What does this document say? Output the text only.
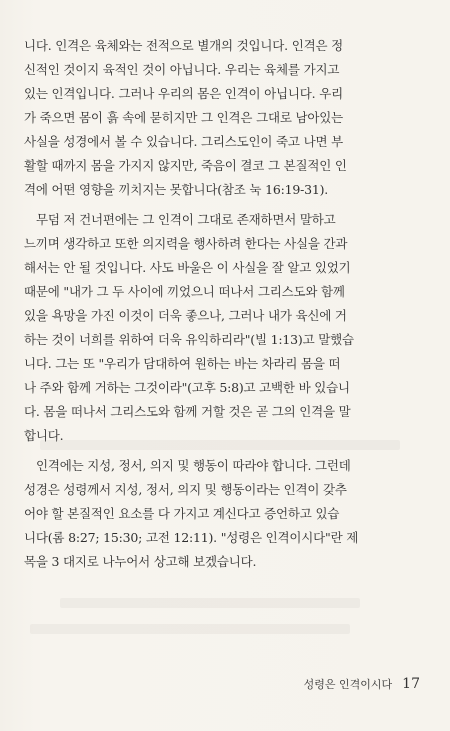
니다. 인격은 육체와는 전적으로 별개의 것입니다. 인격은 정
신적인 것이지 육적인 것이 아닙니다. 우리는 육체를 가지고
있는 인격입니다. 그러나 우리의 몸은 인격이 아닙니다. 우리
가 죽으면 몸이 흙 속에 묻히지만 그 인격은 그대로 남아있는
사실을 성경에서 볼 수 있습니다. 그리스도인이 죽고 나면 부
활할 때까지 몸을 가지지 않지만, 죽음이 결코 그 본질적인 인
격에 어떤 영향을 끼치지는 못합니다(참조 눅 16:19-31).
무덤 저 건너편에는 그 인격이 그대로 존재하면서 말하고
느끼며 생각하고 또한 의지력을 행사하려 한다는 사실을 간과
해서는 안 될 것입니다. 사도 바울은 이 사실을 잘 알고 있었기
때문에 "내가 그 두 사이에 끼었으니 떠나서 그리스도와 함께
있을 욕망을 가진 이것이 더욱 좋으나, 그러나 내가 육신에 거
하는 것이 너희를 위하여 더욱 유익하리라"(빌 1:13)고 말했습
니다. 그는 또 "우리가 담대하여 원하는 바는 차라리 몸을 떠
나 주와 함께 거하는 그것이라"(고후 5:8)고 고백한 바 있습니
다. 몸을 떠나서 그리스도와 함께 거할 것은 곧 그의 인격을 말
합니다.
인격에는 지성, 정서, 의지 및 행동이 따라야 합니다. 그런데
성경은 성령께서 지성, 정서, 의지 및 행동이라는 인격이 갖추
어야 할 본질적인 요소를 다 가지고 계신다고 증언하고 있습
니다(롬 8:27; 15:30; 고전 12:11). "성령은 인격이시다"란 제
목을 3 대지로 나누어서 상고해 보겠습니다.
성령은 인격이시다 17
